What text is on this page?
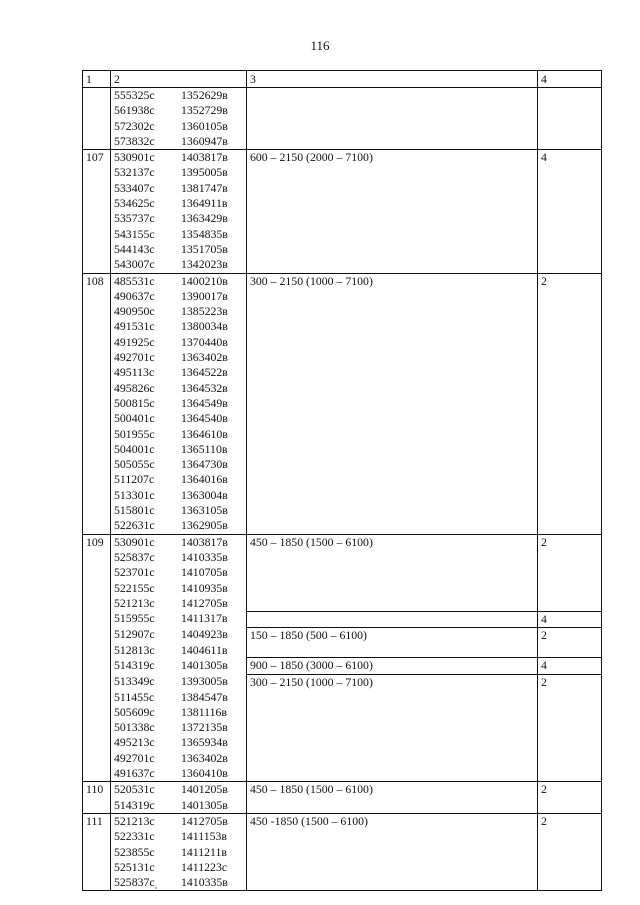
116
1	2	3	4

	555325с 1352629в		

	561938с 1352729в		

	572302с 1360105в		

	573832с 1360947в		

107	530901с 1403817в	600 – 2150 (2000 – 7100)	4

	532137с 1395005в		

	533407с 1381747в		

	534625с 1364911в		

	535737с 1363429в		

	543155с 1354835в		

	544143с 1351705в		

	543007с 1342023в		

108	485531с 1400210в	300 – 2150 (1000 – 7100)	2

	490637с 1390017в		

	490950с 1385223в		

	491531с 1380034в		

	491925с 1370440в		

	492701с 1363402в		

	495113с 1364522в		

	495826с 1364532в		

	500815с 1364549в		

	500401с 1364540в		

	501955с 1364610в		

	504001с 1365110в		

	505055с 1364730в		

	511207с 1364016в		

	513301с 1363004в		

	515801с 1363105в		

	522631с 1362905в		

109	530901с 1403817в	450 – 1850 (1500 – 6100)	2

	525837с 1410335в		

	523701с 1410705в		

	522155с 1410935в		

	521213с 1412705в		

	515955с 1411317в		4

	512907с 1404923в	150 – 1850 (500 – 6100)	2

	512813с 1404611в		

	514319с 1401305в	900 – 1850 (3000 – 6100)	4

	513349с 1393005в	300 – 2150 (1000 – 7100)	2

	511455с 1384547в		

	505609с 1381116в		

	501338с 1372135в		

	495213с 1365934в		

	492701с 1363402в		

	491637с 1360410в		

110	520531с 1401205в	450 – 1850 (1500 – 6100)	2

	514319с 1401305в		

111	521213с 1412705в	450 -1850 (1500 – 6100)	2

	522331с 1411153в		

	523855с 1411211в		

	525131с 1411223с		

	525837с 1410335в		
